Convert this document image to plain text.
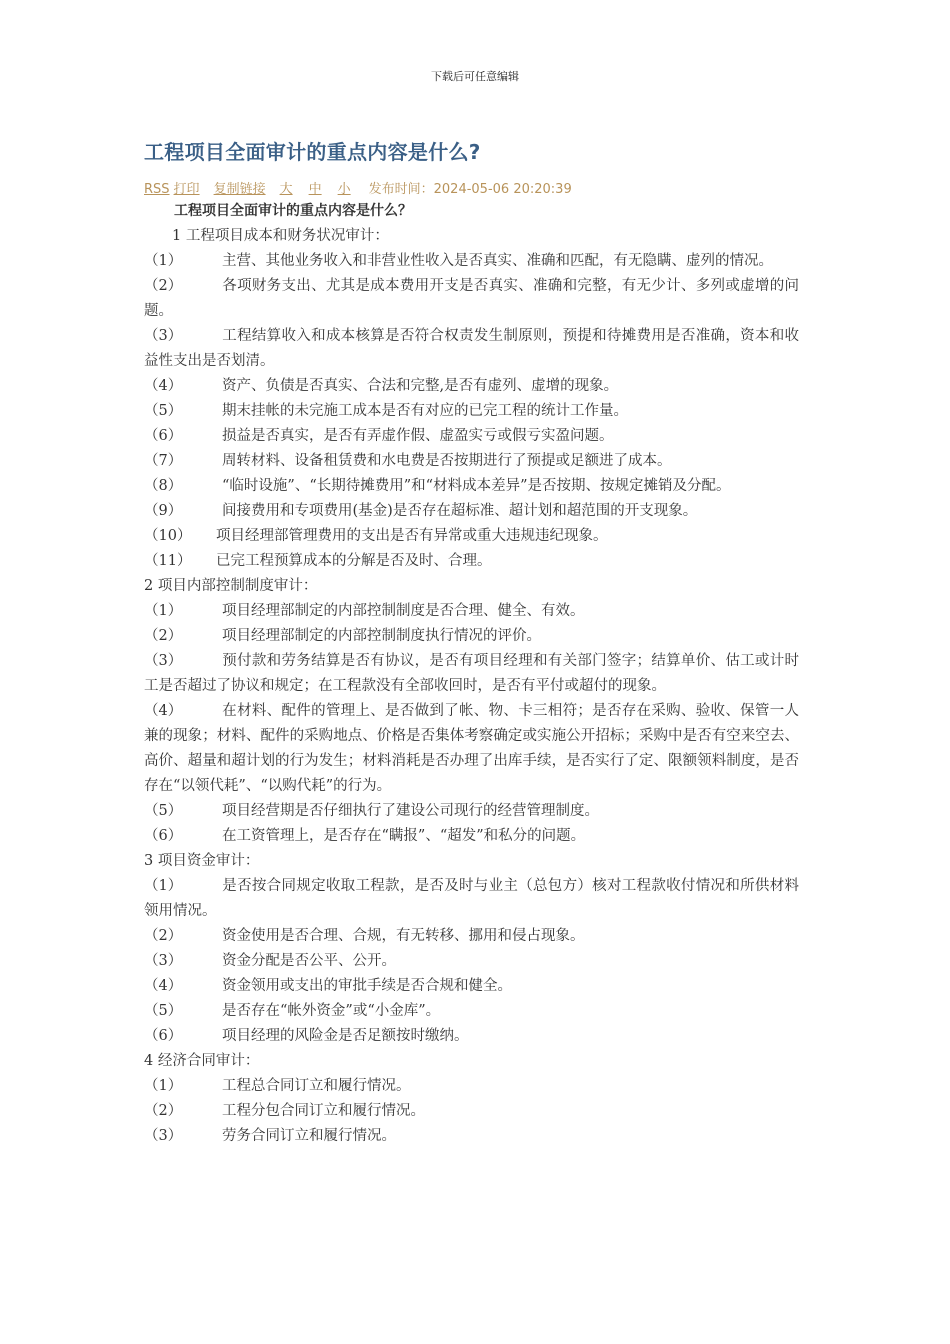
下载后可任意编辑
工程项目全面审计的重点内容是什么?
RSS 打印 复制链接 大 中 小 发布时间：2024-05-06 20:20:39

工程项目全面审计的重点内容是什么？

1 工程项目成本和财务状况审计：

（1）	主营、其他业务收入和非营业性收入是否真实、准确和匹配，有无隐瞒、虚列的情况。

（2）	各项财务支出、尤其是成本费用开支是否真实、准确和完整，有无少计、多列或虚增的问题。

（3）	工程结算收入和成本核算是否符合权责发生制原则，预提和待摊费用是否准确，资本和收益性支出是否划清。

（4）	资产、负债是否真实、合法和完整,是否有虚列、虚增的现象。

（5）	期末挂帐的未完施工成本是否有对应的已完工程的统计工作量。

（6）	损益是否真实，是否有弄虚作假、虚盈实亏或假亏实盈问题。

（7）	周转材料、设备租赁费和水电费是否按期进行了预提或足额进了成本。

（8）	“临时设施”、“长期待摊费用”和“材料成本差异”是否按期、按规定摊销及分配。

（9）	间接费用和专项费用(基金)是否存在超标准、超计划和超范围的开支现象。

（10） 项目经理部管理费用的支出是否有异常或重大违规违纪现象。

（11） 已完工程预算成本的分解是否及时、合理。

2 项目内部控制制度审计：

（1）	项目经理部制定的内部控制制度是否合理、健全、有效。

（2）	项目经理部制定的内部控制制度执行情况的评价。

（3）	预付款和劳务结算是否有协议，是否有项目经理和有关部门签字；结算单价、估工或计时工是否超过了协议和规定；在工程款没有全部收回时，是否有平付或超付的现象。

（4）	在材料、配件的管理上、是否做到了帐、物、卡三相符；是否存在采购、验收、保管一人兼的现象；材料、配件的采购地点、价格是否集体考察确定或实施公开招标；采购中是否有空来空去、高价、超量和超计划的行为发生；材料消耗是否办理了出库手续，是否实行了定、限额领料制度，是否存在“以领代耗”、“以购代耗”的行为。

（5）	项目经营期是否仔细执行了建设公司现行的经营管理制度。

（6）	在工资管理上，是否存在“瞒报”、“超发”和私分的问题。

3 项目资金审计：

（1）	是否按合同规定收取工程款，是否及时与业主（总包方）核对工程款收付情况和所供材料领用情况。

（2）	资金使用是否合理、合规，有无转移、挪用和侵占现象。

（3）	资金分配是否公平、公开。

（4）	资金领用或支出的审批手续是否合规和健全。

（5）	是否存在“帐外资金”或“小金库”。

（6）	项目经理的风险金是否足额按时缴纳。

4 经济合同审计：

（1）	工程总合同订立和履行情况。

（2）	工程分包合同订立和履行情况。

（3）	劳务合同订立和履行情况。
